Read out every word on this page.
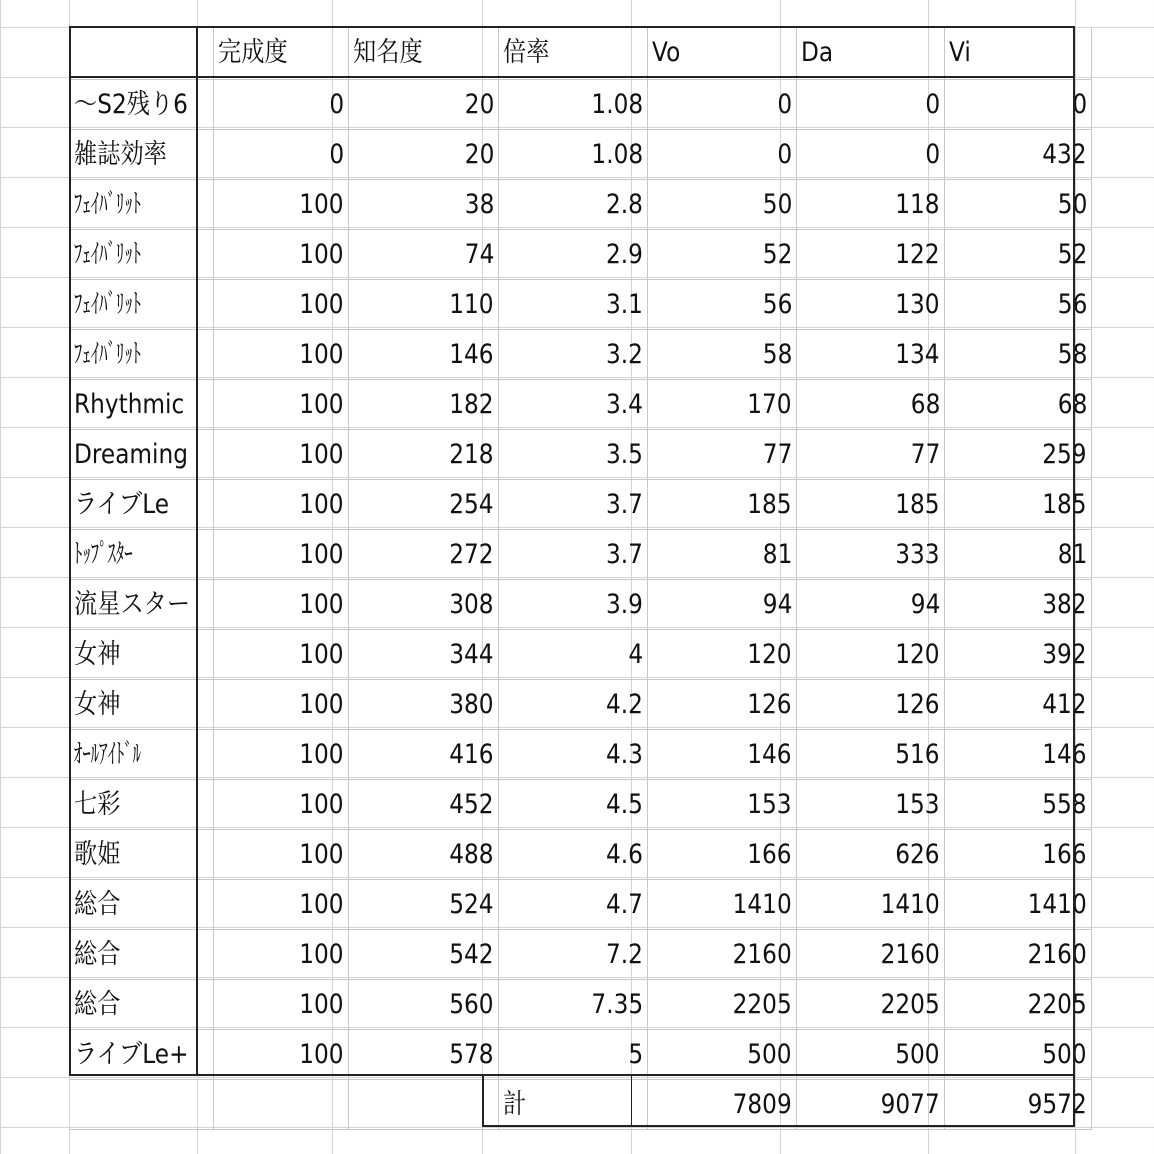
	完成度	知名度	倍率	Vo	Da	Vi
～S2残り6	0	20	1.08	0	0	0
雑誌効率	0	20	1.08	0	0	432
ﾌｪｲﾊﾞﾘｯﾄ	100	38	2.8	50	118	50
ﾌｪｲﾊﾞﾘｯﾄ	100	74	2.9	52	122	52
ﾌｪｲﾊﾞﾘｯﾄ	100	110	3.1	56	130	56
ﾌｪｲﾊﾞﾘｯﾄ	100	146	3.2	58	134	58
Rhythmic	100	182	3.4	170	68	68
Dreaming	100	218	3.5	77	77	259
ライブLe	100	254	3.7	185	185	185
ﾄｯﾌﾟｽﾀｰ	100	272	3.7	81	333	81
流星スター	100	308	3.9	94	94	382
女神	100	344	4	120	120	392
女神	100	380	4.2	126	126	412
ｵｰﾙｱｲﾄﾞﾙ	100	416	4.3	146	516	146
七彩	100	452	4.5	153	153	558
歌姫	100	488	4.6	166	626	166
総合	100	524	4.7	1410	1410	1410
総合	100	542	7.2	2160	2160	2160
総合	100	560	7.35	2205	2205	2205
ライブLe+	100	578	5	500	500	500
			計	7809	9077	9572
